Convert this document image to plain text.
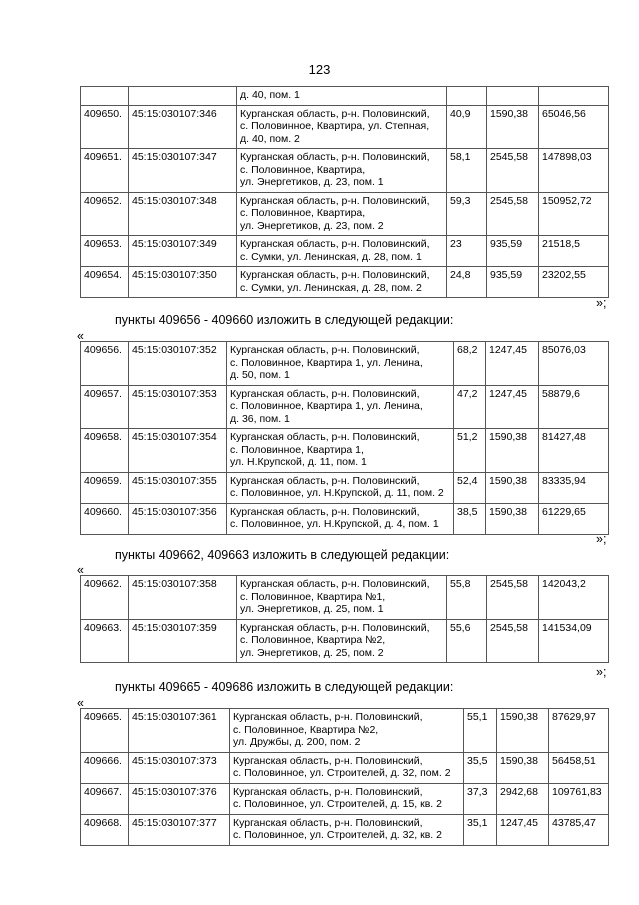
123

		д. 40, пом. 1			

409650.	45:15:030107:346	Курганская область, р-н. Половинский,
с. Половинное, Квартира, ул. Степная,
д. 40, пом. 2	40,9	1590,38	65046,56
409651.	45:15:030107:347	Курганская область, р-н. Половинский,
с. Половинное, Квартира,
ул. Энергетиков, д. 23, пом. 1	58,1	2545,58	147898,03
409652.	45:15:030107:348	Курганская область, р-н. Половинский,
с. Половинное, Квартира,
ул. Энергетиков, д. 23, пом. 2	59,3	2545,58	150952,72
409653.	45:15:030107:349	Курганская область, р-н. Половинский,
с. Сумки, ул. Ленинская, д. 28, пом. 1	23	935,59	21518,5
409654.	45:15:030107:350	Курганская область, р-н. Половинский,
с. Сумки, ул. Ленинская, д. 28, пом. 2	24,8	935,59	23202,55
»;
пункты 409656 - 409660 изложить в следующей редакции:
«
409656.	45:15:030107:352	Курганская область, р-н. Половинский,
с. Половинное, Квартира 1, ул. Ленина,
д. 50, пом. 1	68,2	1247,45	85076,03
409657.	45:15:030107:353	Курганская область, р-н. Половинский,
с. Половинное, Квартира 1, ул. Ленина,
д. 36, пом. 1	47,2	1247,45	58879,6
409658.	45:15:030107:354	Курганская область, р-н. Половинский,
с. Половинное, Квартира 1,
ул. Н.Крупской, д. 11, пом. 1	51,2	1590,38	81427,48
409659.	45:15:030107:355	Курганская область, р-н. Половинский,
с. Половинное, ул. Н.Крупской, д. 11, пом. 2	52,4	1590,38	83335,94
409660.	45:15:030107:356	Курганская область, р-н. Половинский,
с. Половинное, ул. Н.Крупской, д. 4, пом. 1	38,5	1590,38	61229,65
»;
пункты 409662, 409663 изложить в следующей редакции:
«
409662.	45:15:030107:358	Курганская область, р-н. Половинский,
с. Половинное, Квартира №1,
ул. Энергетиков, д. 25, пом. 1	55,8	2545,58	142043,2
409663.	45:15:030107:359	Курганская область, р-н. Половинский,
с. Половинное, Квартира №2,
ул. Энергетиков, д. 25, пом. 2	55,6	2545,58	141534,09
»;
пункты 409665 - 409686 изложить в следующей редакции:
«
409665.	45:15:030107:361	Курганская область, р-н. Половинский,
с. Половинное, Квартира №2,
ул. Дружбы, д. 200, пом. 2	55,1	1590,38	87629,97
409666.	45:15:030107:373	Курганская область, р-н. Половинский,
с. Половинное, ул. Строителей, д. 32, пом. 2	35,5	1590,38	56458,51
409667.	45:15:030107:376	Курганская область, р-н. Половинский,
с. Половинное, ул. Строителей, д. 15, кв. 2	37,3	2942,68	109761,83
409668.	45:15:030107:377	Курганская область, р-н. Половинский,
с. Половинное, ул. Строителей, д. 32, кв. 2	35,1	1247,45	43785,47
